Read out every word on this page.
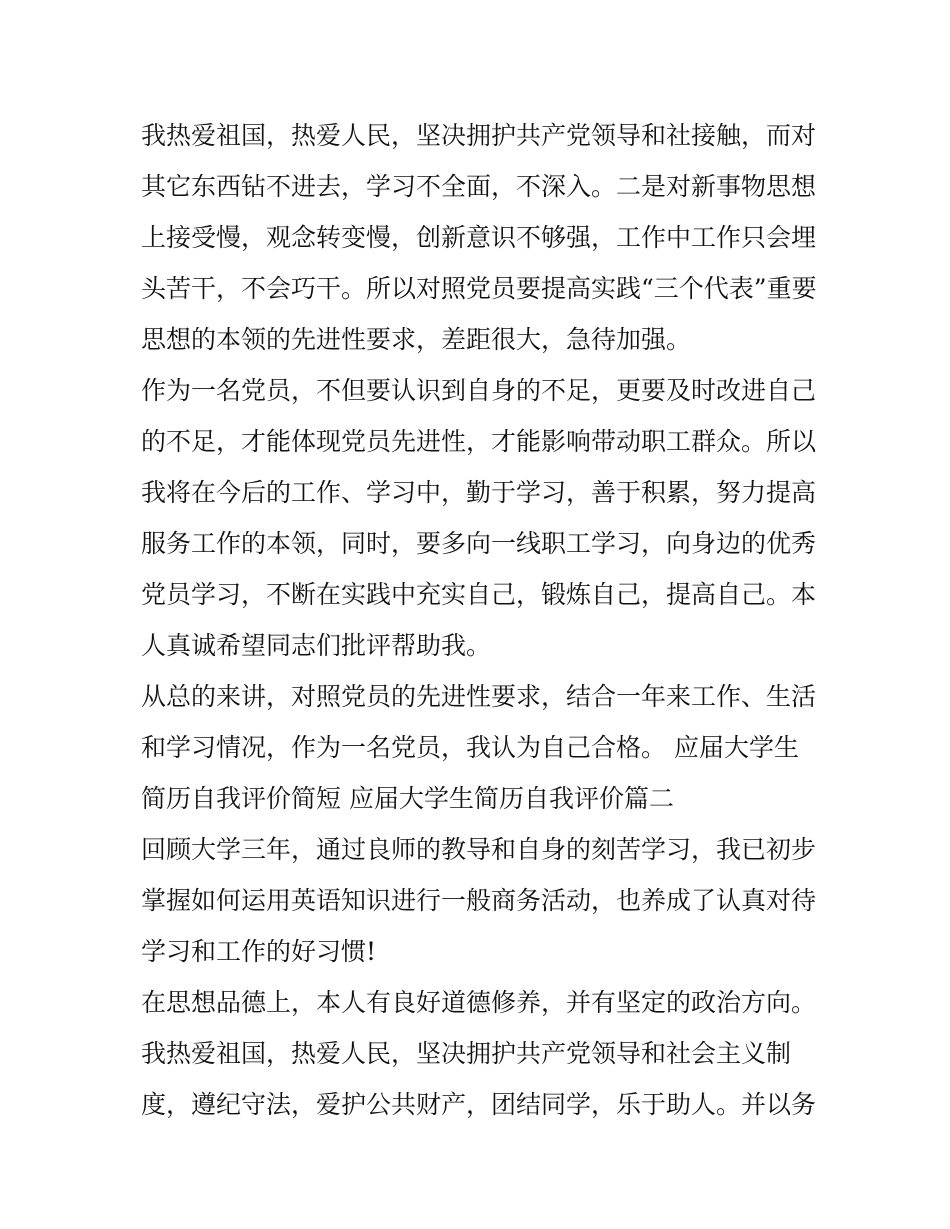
我热爱祖国，热爱人民，坚决拥护共产党领导和社接触，而对
其它东西钻不进去，学习不全面，不深入。二是对新事物思想
上接受慢，观念转变慢，创新意识不够强，工作中工作只会埋
头苦干，不会巧干。所以对照党员要提高实践“三个代表”重要
思想的本领的先进性要求，差距很大，急待加强。
作为一名党员，不但要认识到自身的不足，更要及时改进自己
的不足，才能体现党员先进性，才能影响带动职工群众。所以
我将在今后的工作、学习中，勤于学习，善于积累，努力提高
服务工作的本领，同时，要多向一线职工学习，向身边的优秀
党员学习，不断在实践中充实自己，锻炼自己，提高自己。本
人真诚希望同志们批评帮助我。
从总的来讲，对照党员的先进性要求，结合一年来工作、生活
和学习情况，作为一名党员，我认为自己合格。 应届大学生
简历自我评价简短 应届大学生简历自我评价篇二
回顾大学三年，通过良师的教导和自身的刻苦学习，我已初步
掌握如何运用英语知识进行一般商务活动，也养成了认真对待
学习和工作的好习惯!
在思想品德上，本人有良好道德修养，并有坚定的政治方向。
我热爱祖国，热爱人民，坚决拥护共产党领导和社会主义制
度，遵纪守法，爱护公共财产，团结同学，乐于助人。并以务
